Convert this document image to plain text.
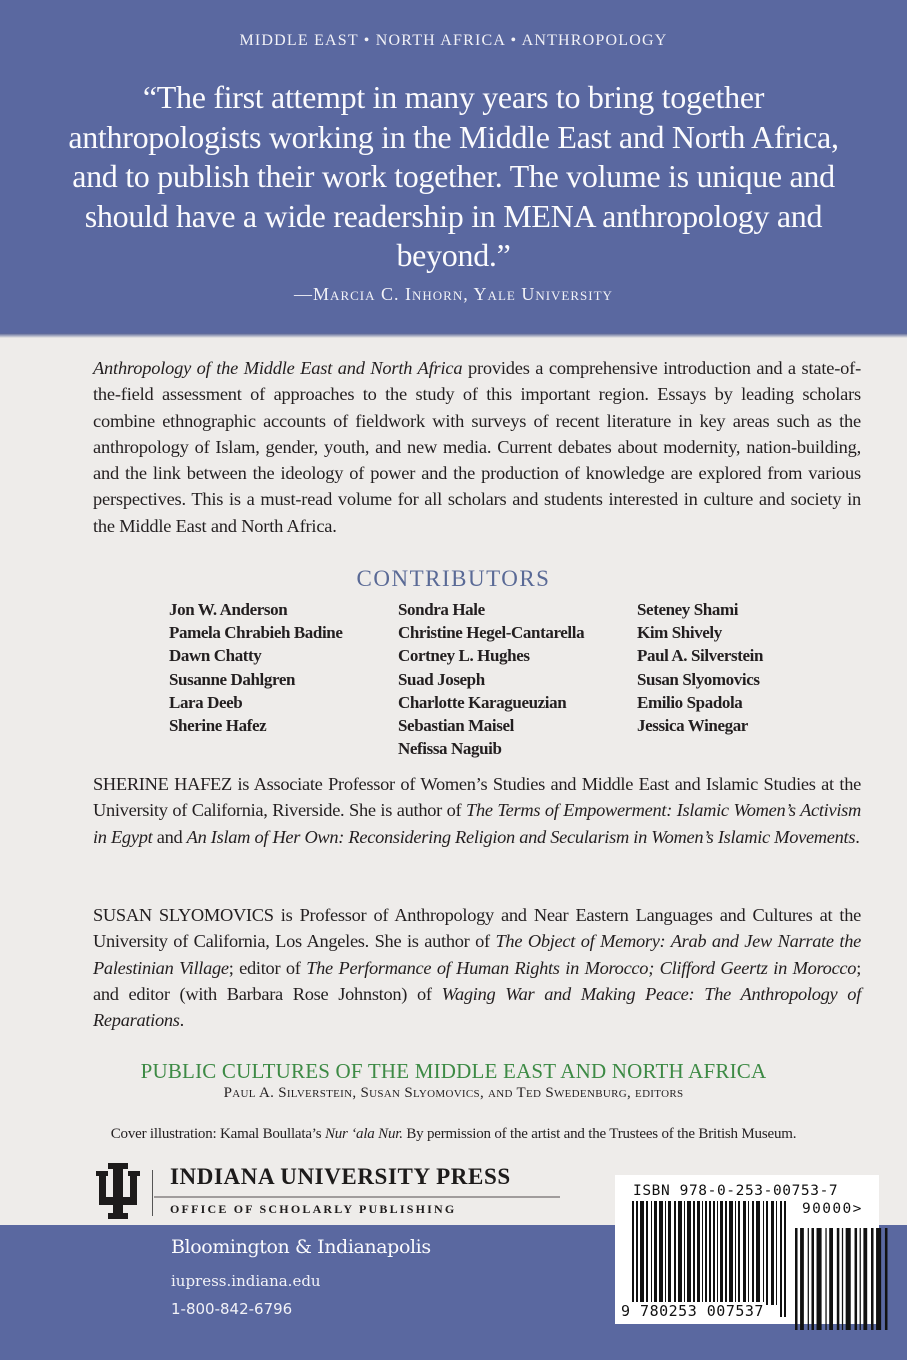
MIDDLE EAST • NORTH AFRICA • ANTHROPOLOGY
“The first attempt in many years to bring together anthropologists working in the Middle East and North Africa, and to publish their work together. The volume is unique and should have a wide readership in MENA anthropology and beyond.”
—Marcia C. Inhorn, Yale University
Anthropology of the Middle East and North Africa provides a comprehensive introduction and a state-of-the-field assessment of approaches to the study of this important region. Essays by leading scholars combine ethnographic accounts of fieldwork with surveys of recent literature in key areas such as the anthropology of Islam, gender, youth, and new media. Current debates about modernity, nation-building, and the link between the ideology of power and the production of knowledge are explored from various perspectives. This is a must-read volume for all scholars and students interested in culture and society in the Middle East and North Africa.
CONTRIBUTORS
Jon W. Anderson
Pamela Chrabieh Badine
Dawn Chatty
Susanne Dahlgren
Lara Deeb
Sherine Hafez
Sondra Hale
Christine Hegel-Cantarella
Cortney L. Hughes
Suad Joseph
Charlotte Karagueuzian
Sebastian Maisel
Nefissa Naguib
Seteney Shami
Kim Shively
Paul A. Silverstein
Susan Slyomovics
Emilio Spadola
Jessica Winegar
SHERINE HAFEZ is Associate Professor of Women’s Studies and Middle East and Islamic Studies at the University of California, Riverside. She is author of The Terms of Empowerment: Islamic Women’s Activism in Egypt and An Islam of Her Own: Reconsidering Religion and Secularism in Women’s Islamic Movements.
SUSAN SLYOMOVICS is Professor of Anthropology and Near Eastern Languages and Cultures at the University of California, Los Angeles. She is author of The Object of Memory: Arab and Jew Narrate the Palestinian Village; editor of The Performance of Human Rights in Morocco; Clifford Geertz in Morocco; and editor (with Barbara Rose Johnston) of Waging War and Making Peace: The Anthropology of Reparations.
PUBLIC CULTURES OF THE MIDDLE EAST AND NORTH AFRICA
Paul A. Silverstein, Susan Slyomovics, and Ted Swedenburg, editors
Cover illustration: Kamal Boullata’s Nur ‘ala Nur. By permission of the artist and the Trustees of the British Museum.
INDIANA UNIVERSITY PRESS
OFFICE OF SCHOLARLY PUBLISHING
Bloomington & Indianapolis
iupress.indiana.edu
1-800-842-6796
ISBN 978-0-253-00753-7
90000>
9 780253 007537
